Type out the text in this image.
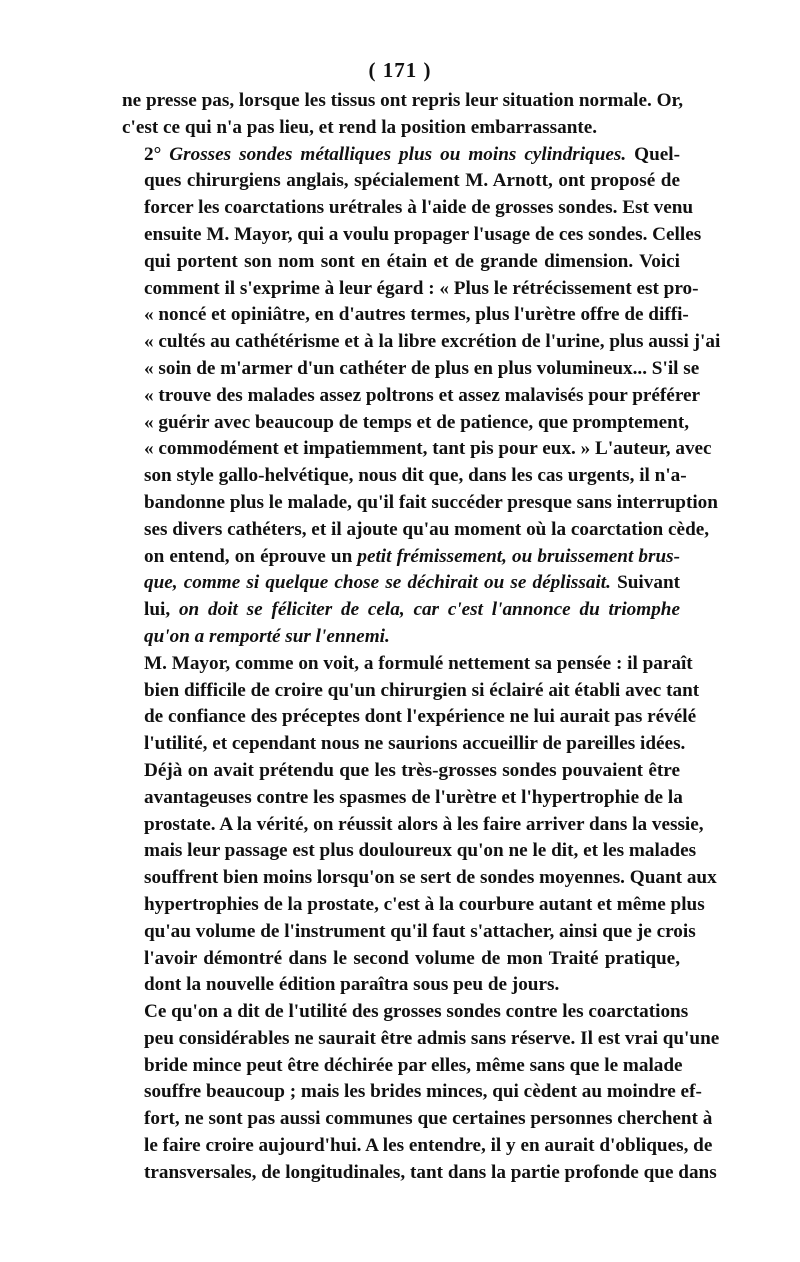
( 171 )
ne presse pas, lorsque les tissus ont repris leur situation normale. Or,
c'est ce qui n'a pas lieu, et rend la position embarrassante.
2° Grosses sondes métalliques plus ou moins cylindriques. Quel-
ques chirurgiens anglais, spécialement M. Arnott, ont proposé de
forcer les coarctations urétrales à l'aide de grosses sondes. Est venu
ensuite M. Mayor, qui a voulu propager l'usage de ces sondes. Celles
qui portent son nom sont en étain et de grande dimension. Voici
comment il s'exprime à leur égard : « Plus le rétrécissement est pro-
« noncé et opiniâtre, en d'autres termes, plus l'urètre offre de diffi-
« cultés au cathétérisme et à la libre excrétion de l'urine, plus aussi j'ai
« soin de m'armer d'un cathéter de plus en plus volumineux... S'il se
« trouve des malades assez poltrons et assez malavisés pour préférer
« guérir avec beaucoup de temps et de patience, que promptement,
« commodément et impatiemment, tant pis pour eux. » L'auteur, avec
son style gallo-helvétique, nous dit que, dans les cas urgents, il n'a-
bandonne plus le malade, qu'il fait succéder presque sans interruption
ses divers cathéters, et il ajoute qu'au moment où la coarctation cède,
on entend, on éprouve un petit frémissement, ou bruissement brus-
que, comme si quelque chose se déchirait ou se déplissait. Suivant
lui, on doit se féliciter de cela, car c'est l'annonce du triomphe
qu'on a remporté sur l'ennemi.
M. Mayor, comme on voit, a formulé nettement sa pensée : il paraît
bien difficile de croire qu'un chirurgien si éclairé ait établi avec tant
de confiance des préceptes dont l'expérience ne lui aurait pas révélé
l'utilité, et cependant nous ne saurions accueillir de pareilles idées.
Déjà on avait prétendu que les très-grosses sondes pouvaient être
avantageuses contre les spasmes de l'urètre et l'hypertrophie de la
prostate. A la vérité, on réussit alors à les faire arriver dans la vessie,
mais leur passage est plus douloureux qu'on ne le dit, et les malades
souffrent bien moins lorsqu'on se sert de sondes moyennes. Quant aux
hypertrophies de la prostate, c'est à la courbure autant et même plus
qu'au volume de l'instrument qu'il faut s'attacher, ainsi que je crois
l'avoir démontré dans le second volume de mon Traité pratique,
dont la nouvelle édition paraîtra sous peu de jours.
Ce qu'on a dit de l'utilité des grosses sondes contre les coarctations
peu considérables ne saurait être admis sans réserve. Il est vrai qu'une
bride mince peut être déchirée par elles, même sans que le malade
souffre beaucoup ; mais les brides minces, qui cèdent au moindre ef-
fort, ne sont pas aussi communes que certaines personnes cherchent à
le faire croire aujourd'hui. A les entendre, il y en aurait d'obliques, de
transversales, de longitudinales, tant dans la partie profonde que dans
